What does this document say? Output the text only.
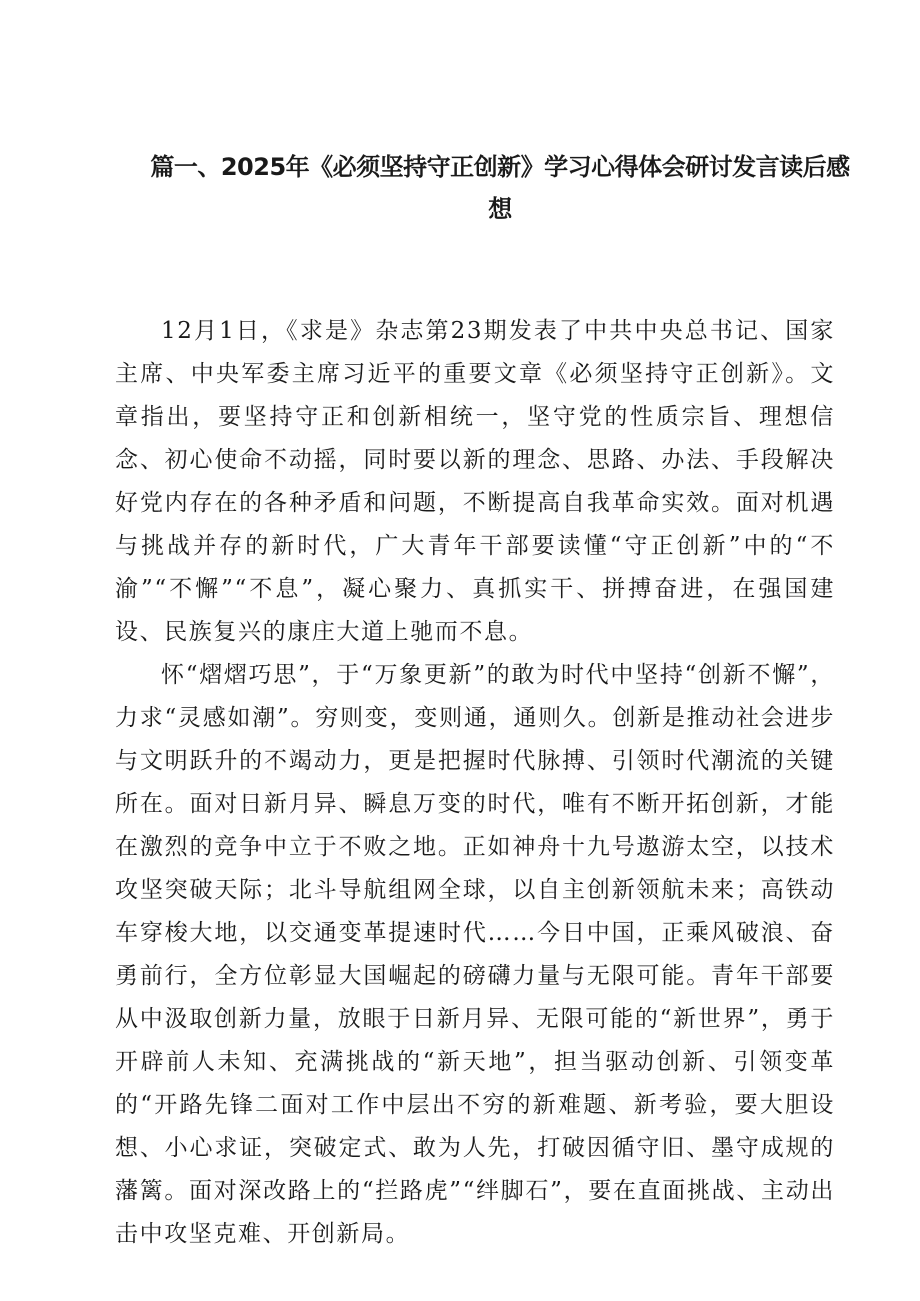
篇一、2025年《必须坚持守正创新》学习心得体会研讨发言读后感想

12月1日，《求是》杂志第23期发表了中共中央总书记、国家主席、中央军委主席习近平的重要文章《必须坚持守正创新》。文章指出，要坚持守正和创新相统一，坚守党的性质宗旨、理想信念、初心使命不动摇，同时要以新的理念、思路、办法、手段解决好党内存在的各种矛盾和问题，不断提高自我革命实效。面对机遇与挑战并存的新时代，广大青年干部要读懂“守正创新”中的“不渝”“不懈”“不息”，凝心聚力、真抓实干、拼搏奋进，在强国建设、民族复兴的康庄大道上驰而不息。

怀“熠熠巧思”，于“万象更新”的敢为时代中坚持“创新不懈”，力求“灵感如潮”。穷则变，变则通，通则久。创新是推动社会进步与文明跃升的不竭动力，更是把握时代脉搏、引领时代潮流的关键所在。面对日新月异、瞬息万变的时代，唯有不断开拓创新，才能在激烈的竞争中立于不败之地。正如神舟十九号遨游太空，以技术攻坚突破天际；北斗导航组网全球，以自主创新领航未来；高铁动车穿梭大地，以交通变革提速时代……今日中国，正乘风破浪、奋勇前行，全方位彰显大国崛起的磅礴力量与无限可能。青年干部要从中汲取创新力量，放眼于日新月异、无限可能的“新世界”，勇于开辟前人未知、充满挑战的“新天地”，担当驱动创新、引领变革的“开路先锋二面对工作中层出不穷的新难题、新考验，要大胆设想、小心求证，突破定式、敢为人先，打破因循守旧、墨守成规的藩篱。面对深改路上的“拦路虎”“绊脚石”，要在直面挑战、主动出击中攻坚克难、开创新局。
